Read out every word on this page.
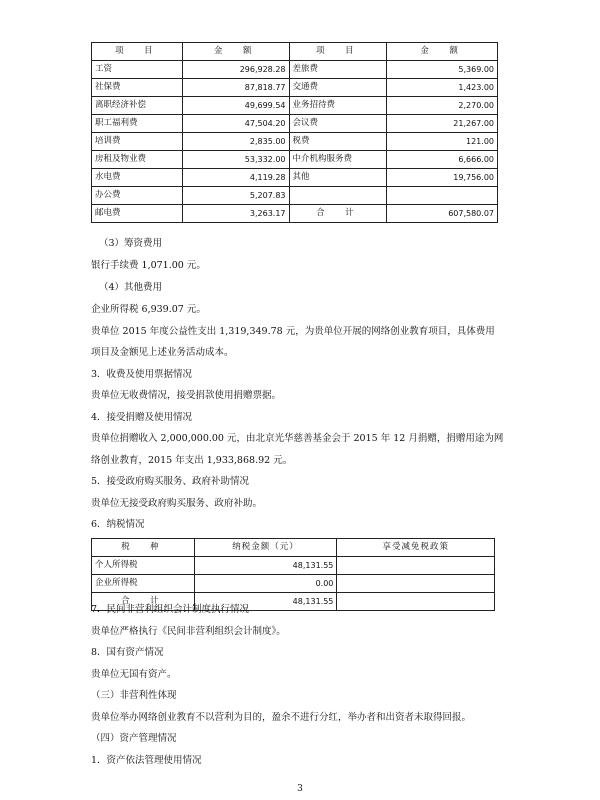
项　目	金　额	项　目	金　额
工资	296,928.28	差旅费	5,369.00
社保费	87,818.77	交通费	1,423.00
离职经济补偿	49,699.54	业务招待费	2,270.00
职工福利费	47,504.20	会议费	21,267.00
培训费	2,835.00	税费	121.00
房租及物业费	53,332.00	中介机构服务费	6,666.00
水电费	4,119.28	其他	19,756.00
办公费	5,207.83		
邮电费	3,263.17	合　计	607,580.07
（3）筹资费用
银行手续费 1,071.00 元。
（4）其他费用
企业所得税 6,939.07 元。
贵单位 2015 年度公益性支出 1,319,349.78 元，为贵单位开展的网络创业教育项目，具体费用
项目及金额见上述业务活动成本。
3．收费及使用票据情况
贵单位无收费情况，接受捐款使用捐赠票据。
4．接受捐赠及使用情况
贵单位捐赠收入 2,000,000.00 元，由北京光华慈善基金会于 2015 年 12 月捐赠，捐赠用途为网
络创业教育，2015 年支出 1,933,868.92 元。
5．接受政府购买服务、政府补助情况
贵单位无接受政府购买服务、政府补助。
6．纳税情况
税　种	纳税金额（元）	享受减免税政策
个人所得税	48,131.55	
企业所得税	0.00	
合　计	48,131.55	
7．民间非营利组织会计制度执行情况
贵单位严格执行《民间非营利组织会计制度》。
8．国有资产情况
贵单位无国有资产。
（三）非营利性体现
贵单位举办网络创业教育不以营利为目的，盈余不进行分红，举办者和出资者未取得回报。
（四）资产管理情况
1．资产依法管理使用情况
3
